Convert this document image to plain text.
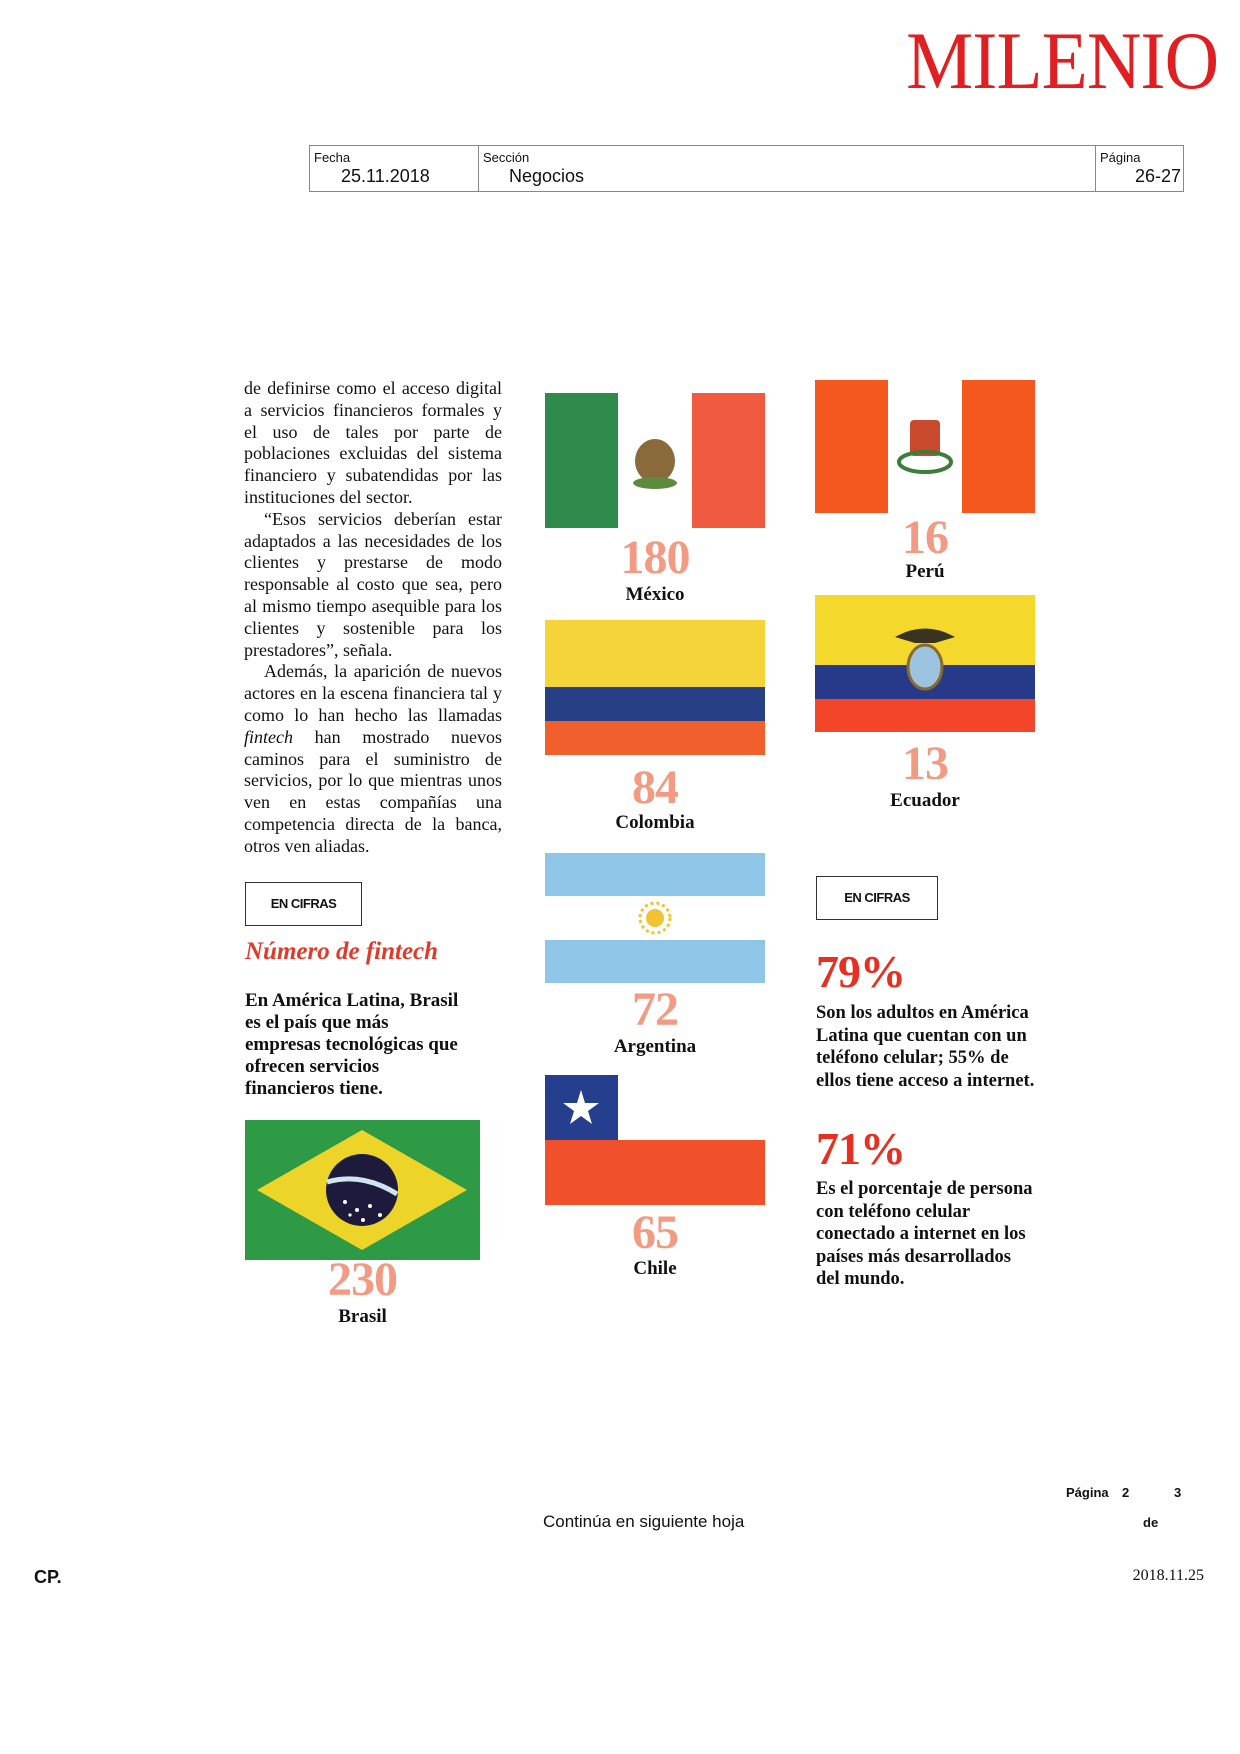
MILENIO
Fecha
25.11.2018
Sección
Negocios
Página
26-27

de definirse como el acceso digital a servicios financieros formales y el uso de tales por parte de poblaciones excluidas del sistema financiero y subatendidas por las instituciones del sector.

“Esos servicios deberían estar adaptados a las necesidades de los clientes y prestarse de modo responsable al costo que sea, pero al mismo tiempo asequible para los clientes y sostenible para los prestadores”, señala.

Además, la aparición de nuevos actores en la escena financiera tal y como lo han hecho las llamadas fintech han mostrado nuevos caminos para el suministro de servicios, por lo que mientras unos ven en estas compañías una competencia directa de la banca, otros ven aliadas.

EN CIFRAS
Número de fintech
En América Latina, Brasil es el país que más empresas tecnológicas que ofrecen servicios financieros tiene.
230
Brasil
180
México
16
Perú
84
Colombia
13
Ecuador
72
Argentina
65
Chile
EN CIFRAS
79%
Son los adultos en América Latina que cuentan con un teléfono celular; 55% de ellos tiene acceso a internet.
71%
Es el porcentaje de persona con teléfono celular conectado a internet en los países más desarrollados del mundo.
Página 2	3
de
Continúa en siguiente hoja
CP.	2018.11.25
